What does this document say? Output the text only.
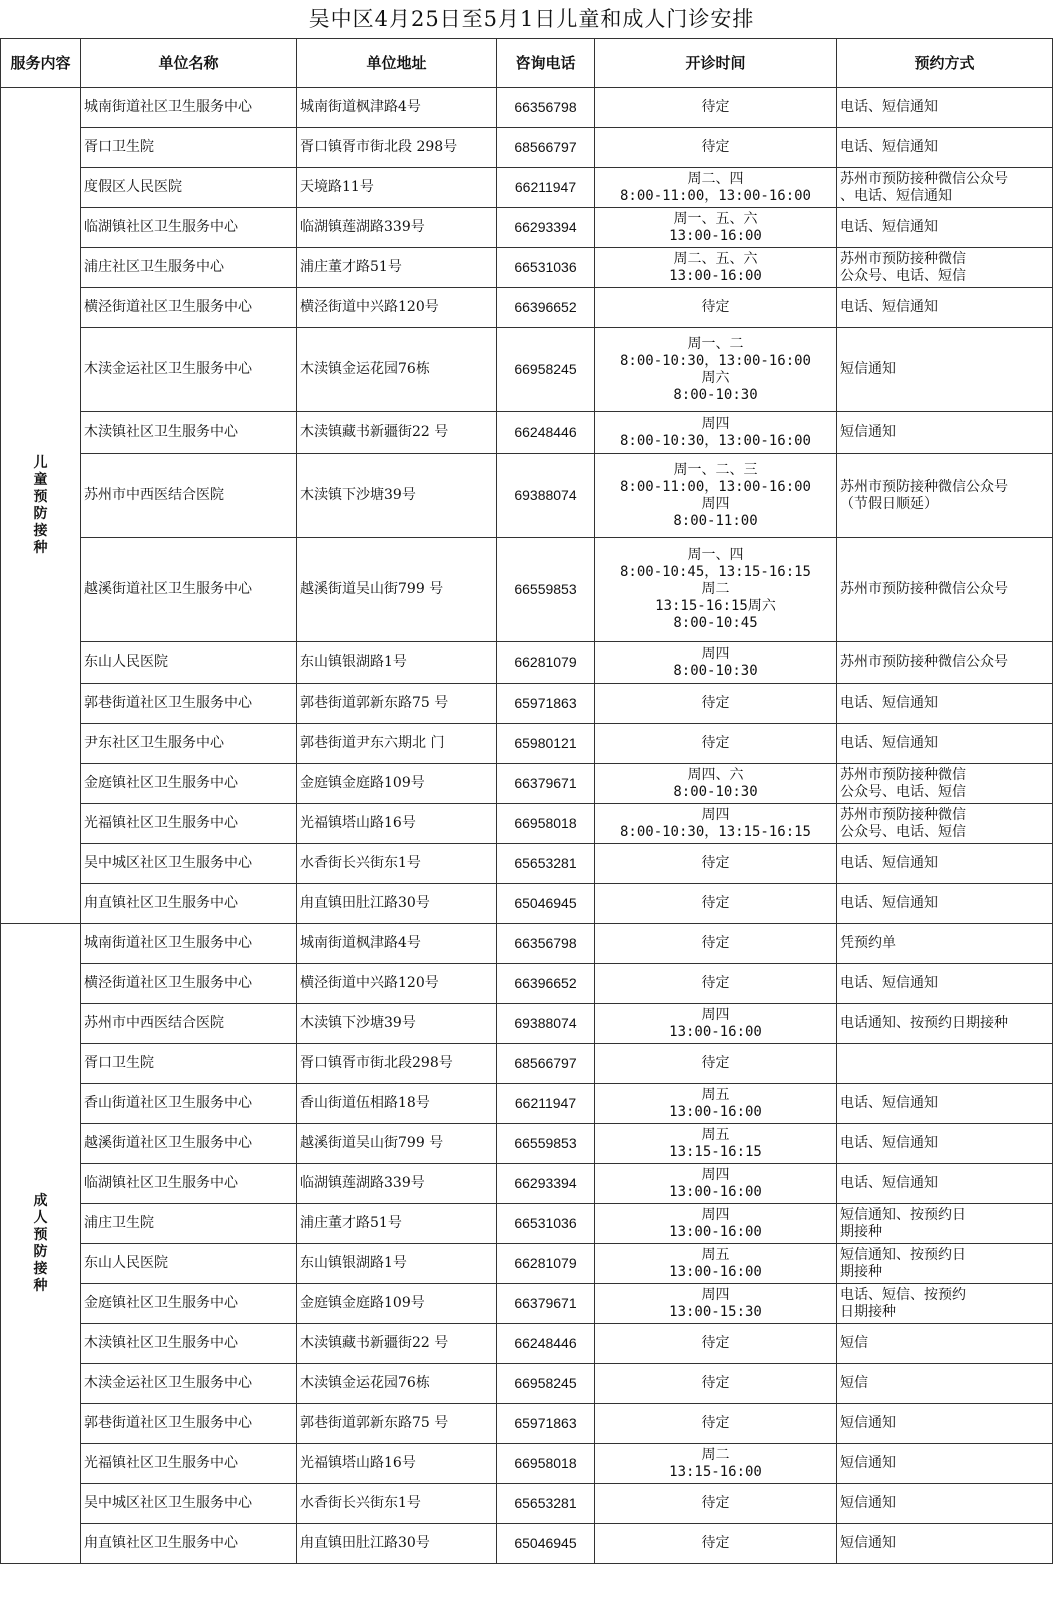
吴中区4月25日至5月1日儿童和成人门诊安排
服务内容	单位名称	单位地址	咨询电话	开诊时间	预约方式
儿童预防接种	城南街道社区卫生服务中心	城南街道枫津路4号	66356798	待定	电话、短信通知
	胥口卫生院	胥口镇胥市街北段 298号	68566797	待定	电话、短信通知
	度假区人民医院	天境路11号	66211947	周二、四
8:00-11:00，13:00-16:00	苏州市预防接种微信公众号
、电话、短信通知
	临湖镇社区卫生服务中心	临湖镇莲湖路339号	66293394	周一、五、六
13:00-16:00	电话、短信通知
	浦庄社区卫生服务中心	浦庄董才路51号	66531036	周二、五、六
13:00-16:00	苏州市预防接种微信
公众号、电话、短信
	横泾街道社区卫生服务中心	横泾街道中兴路120号	66396652	待定	电话、短信通知
	木渎金运社区卫生服务中心	木渎镇金运花园76栋	66958245	周一、二
8:00-10:30，13:00-16:00
周六
8:00-10:30	短信通知
	木渎镇社区卫生服务中心	木渎镇藏书新疆街22 号	66248446	周四
8:00-10:30，13:00-16:00	短信通知
	苏州市中西医结合医院	木渎镇下沙塘39号	69388074	周一、二、三
8:00-11:00，13:00-16:00
周四
8:00-11:00	苏州市预防接种微信公众号
（节假日顺延）
	越溪街道社区卫生服务中心	越溪街道吴山街799 号	66559853	周一、四
8:00-10:45，13:15-16:15
周二
13:15-16:15周六
8:00-10:45	苏州市预防接种微信公众号
	东山人民医院	东山镇银湖路1号	66281079	周四
8:00-10:30	苏州市预防接种微信公众号
	郭巷街道社区卫生服务中心	郭巷街道郭新东路75 号	65971863	待定	电话、短信通知
	尹东社区卫生服务中心	郭巷街道尹东六期北 门	65980121	待定	电话、短信通知
	金庭镇社区卫生服务中心	金庭镇金庭路109号	66379671	周四、六
8:00-10:30	苏州市预防接种微信
公众号、电话、短信
	光福镇社区卫生服务中心	光福镇塔山路16号	66958018	周四
8:00-10:30，13:15-16:15	苏州市预防接种微信
公众号、电话、短信
	吴中城区社区卫生服务中心	水香街长兴街东1号	65653281	待定	电话、短信通知
	甪直镇社区卫生服务中心	甪直镇田肚江路30号	65046945	待定	电话、短信通知
成人预防接种	城南街道社区卫生服务中心	城南街道枫津路4号	66356798	待定	凭预约单
	横泾街道社区卫生服务中心	横泾街道中兴路120号	66396652	待定	电话、短信通知
	苏州市中西医结合医院	木渎镇下沙塘39号	69388074	周四
13:00-16:00	电话通知、按预约日期接种
	胥口卫生院	胥口镇胥市街北段298号	68566797	待定	
	香山街道社区卫生服务中心	香山街道伍相路18号	66211947	周五
13:00-16:00	电话、短信通知
	越溪街道社区卫生服务中心	越溪街道吴山街799 号	66559853	周五
13:15-16:15	电话、短信通知
	临湖镇社区卫生服务中心	临湖镇莲湖路339号	66293394	周四
13:00-16:00	电话、短信通知
	浦庄卫生院	浦庄董才路51号	66531036	周四
13:00-16:00	短信通知、按预约日
期接种
	东山人民医院	东山镇银湖路1号	66281079	周五
13:00-16:00	短信通知、按预约日
期接种
	金庭镇社区卫生服务中心	金庭镇金庭路109号	66379671	周四
13:00-15:30	电话、短信、按预约
日期接种
	木渎镇社区卫生服务中心	木渎镇藏书新疆街22 号	66248446	待定	短信
	木渎金运社区卫生服务中心	木渎镇金运花园76栋	66958245	待定	短信
	郭巷街道社区卫生服务中心	郭巷街道郭新东路75 号	65971863	待定	短信通知
	光福镇社区卫生服务中心	光福镇塔山路16号	66958018	周二
13:15-16:00	短信通知
	吴中城区社区卫生服务中心	水香街长兴街东1号	65653281	待定	短信通知
	甪直镇社区卫生服务中心	甪直镇田肚江路30号	65046945	待定	短信通知
